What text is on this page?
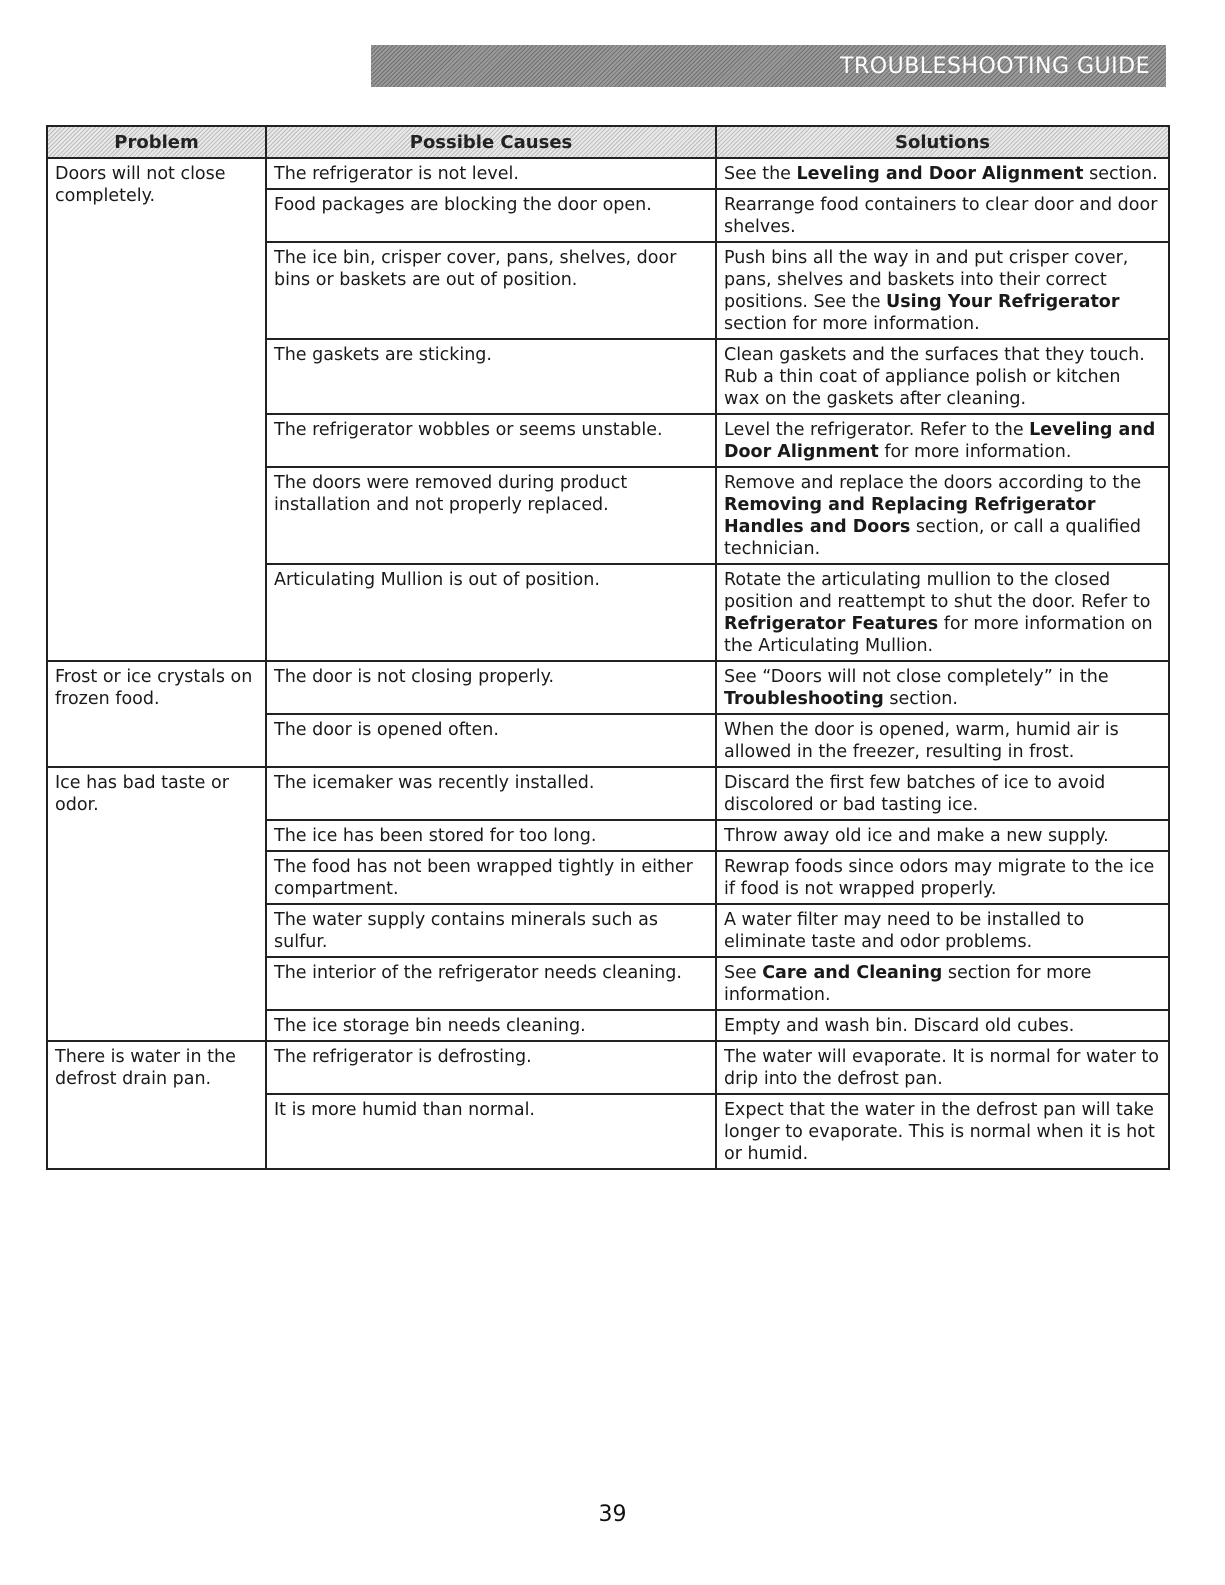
TROUBLESHOOTING GUIDE
Problem	Possible Causes	Solutions
Doors will not close completely.	The refrigerator is not level.	See the Leveling and Door Alignment section.
	Food packages are blocking the door open.	Rearrange food containers to clear door and door shelves.
	The ice bin, crisper cover, pans, shelves, door bins or baskets are out of position.	Push bins all the way in and put crisper cover, pans, shelves and baskets into their correct positions. See the Using Your Refrigerator section for more information.
	The gaskets are sticking.	Clean gaskets and the surfaces that they touch. Rub a thin coat of appliance polish or kitchen wax on the gaskets after cleaning.
	The refrigerator wobbles or seems unstable.	Level the refrigerator. Refer to the Leveling and Door Alignment for more information.
	The doors were removed during product installation and not properly replaced.	Remove and replace the doors according to the Removing and Replacing Refrigerator Handles and Doors section, or call a qualified technician.
	Articulating Mullion is out of position.	Rotate the articulating mullion to the closed position and reattempt to shut the door. Refer to Refrigerator Features for more information on the Articulating Mullion.
Frost or ice crystals on frozen food.	The door is not closing properly.	See “Doors will not close completely” in the Troubleshooting section.
	The door is opened often.	When the door is opened, warm, humid air is allowed in the freezer, resulting in frost.
Ice has bad taste or odor.	The icemaker was recently installed.	Discard the first few batches of ice to avoid discolored or bad tasting ice.
	The ice has been stored for too long.	Throw away old ice and make a new supply.
	The food has not been wrapped tightly in either compartment.	Rewrap foods since odors may migrate to the ice if food is not wrapped properly.
	The water supply contains minerals such as sulfur.	A water filter may need to be installed to eliminate taste and odor problems.
	The interior of the refrigerator needs cleaning.	See Care and Cleaning section for more information.
	The ice storage bin needs cleaning.	Empty and wash bin. Discard old cubes.
There is water in the defrost drain pan.	The refrigerator is defrosting.	The water will evaporate. It is normal for water to drip into the defrost pan.
	It is more humid than normal.	Expect that the water in the defrost pan will take longer to evaporate. This is normal when it is hot or humid.
39
